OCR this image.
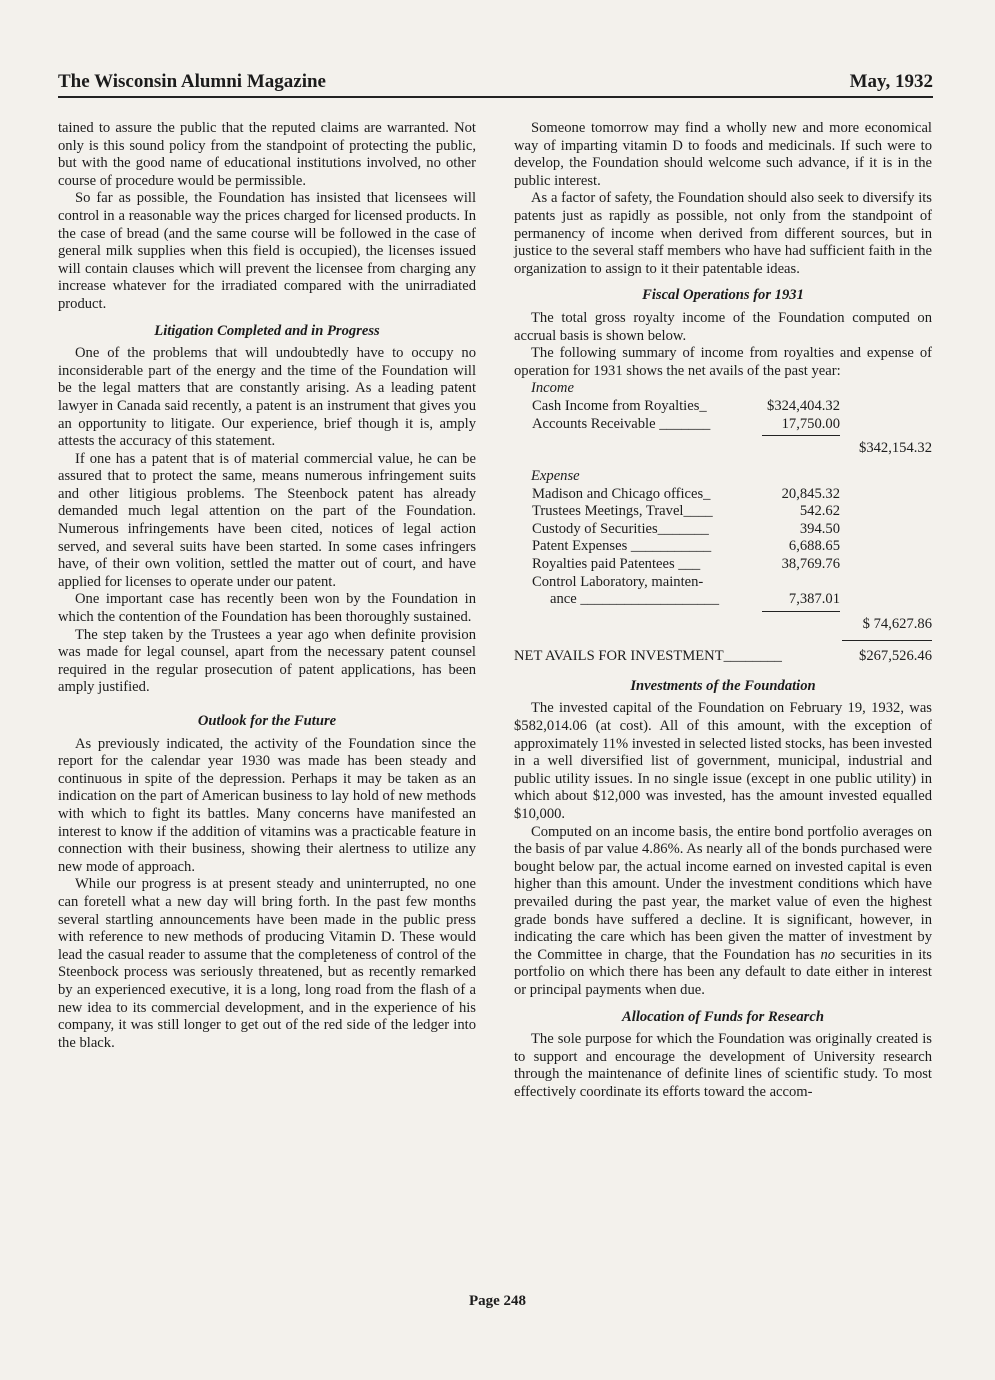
The Wisconsin Alumni Magazine	May, 1932

tained to assure the public that the reputed claims are warranted. Not only is this sound policy from the standpoint of protecting the public, but with the good name of educational institutions involved, no other course of procedure would be permissible.

So far as possible, the Foundation has insisted that licensees will control in a reasonable way the prices charged for licensed products. In the case of bread (and the same course will be followed in the case of general milk supplies when this field is occupied), the licenses issued will contain clauses which will prevent the licensee from charging any increase whatever for the irradiated compared with the unirradiated product.

Litigation Completed and in Progress

One of the problems that will undoubtedly have to occupy no inconsiderable part of the energy and the time of the Foundation will be the legal matters that are constantly arising. As a leading patent lawyer in Canada said recently, a patent is an instrument that gives you an opportunity to litigate. Our experience, brief though it is, amply attests the accuracy of this statement.

If one has a patent that is of material commercial value, he can be assured that to protect the same, means numerous infringement suits and other litigious problems. The Steenbock patent has already demanded much legal attention on the part of the Foundation. Numerous infringements have been cited, notices of legal action served, and several suits have been started. In some cases infringers have, of their own volition, settled the matter out of court, and have applied for licenses to operate under our patent.

One important case has recently been won by the Foundation in which the contention of the Foundation has been thoroughly sustained.

The step taken by the Trustees a year ago when definite provision was made for legal counsel, apart from the necessary patent counsel required in the regular prosecution of patent applications, has been amply justified.

Outlook for the Future

As previously indicated, the activity of the Foundation since the report for the calendar year 1930 was made has been steady and continuous in spite of the depression. Perhaps it may be taken as an indication on the part of American business to lay hold of new methods with which to fight its battles. Many concerns have manifested an interest to know if the addition of vitamins was a practicable feature in connection with their business, showing their alertness to utilize any new mode of approach.

While our progress is at present steady and uninterrupted, no one can foretell what a new day will bring forth. In the past few months several startling announcements have been made in the public press with reference to new methods of producing Vitamin D. These would lead the casual reader to assume that the completeness of control of the Steenbock process was seriously threatened, but as recently remarked by an experienced executive, it is a long, long road from the flash of a new idea to its commercial development, and in the experience of his company, it was still longer to get out of the red side of the ledger into the black.

Someone tomorrow may find a wholly new and more economical way of imparting vitamin D to foods and medicinals. If such were to develop, the Foundation should welcome such advance, if it is in the public interest.

As a factor of safety, the Foundation should also seek to diversify its patents just as rapidly as possible, not only from the standpoint of permanency of income when derived from different sources, but in justice to the several staff members who have had sufficient faith in the organization to assign to it their patentable ideas.

Fiscal Operations for 1931

The total gross royalty income of the Foundation computed on accrual basis is shown below.

The following summary of income from royalties and expense of operation for 1931 shows the net avails of the past year:

Income

Cash Income from Royalties_	$324,404.32
Accounts Receivable _______	17,750.00
$342,154.32

Expense

Madison and Chicago offices_	20,845.32
Trustees Meetings, Travel____	542.62
Custody of Securities_______	394.50
Patent Expenses ___________	6,688.65
Royalties paid Patentees ___	38,769.76
Control Laboratory, mainten-
ance ___________________	7,387.01
$ 74,627.86
NET AVAILS FOR INVESTMENT________	$267,526.46
Investments of the Foundation

The invested capital of the Foundation on February 19, 1932, was $582,014.06 (at cost). All of this amount, with the exception of approximately 11% invested in selected listed stocks, has been invested in a well diversified list of government, municipal, industrial and public utility issues. In no single issue (except in one public utility) in which about $12,000 was invested, has the amount invested equalled $10,000.

Computed on an income basis, the entire bond portfolio averages on the basis of par value 4.86%. As nearly all of the bonds purchased were bought below par, the actual income earned on invested capital is even higher than this amount. Under the investment conditions which have prevailed during the past year, the market value of even the highest grade bonds have suffered a decline. It is significant, however, in indicating the care which has been given the matter of investment by the Committee in charge, that the Foundation has no securities in its portfolio on which there has been any default to date either in interest or principal payments when due.

Allocation of Funds for Research

The sole purpose for which the Foundation was originally created is to support and encourage the development of University research through the maintenance of definite lines of scientific study. To most effectively coordinate its efforts toward the accom-

Page 248
